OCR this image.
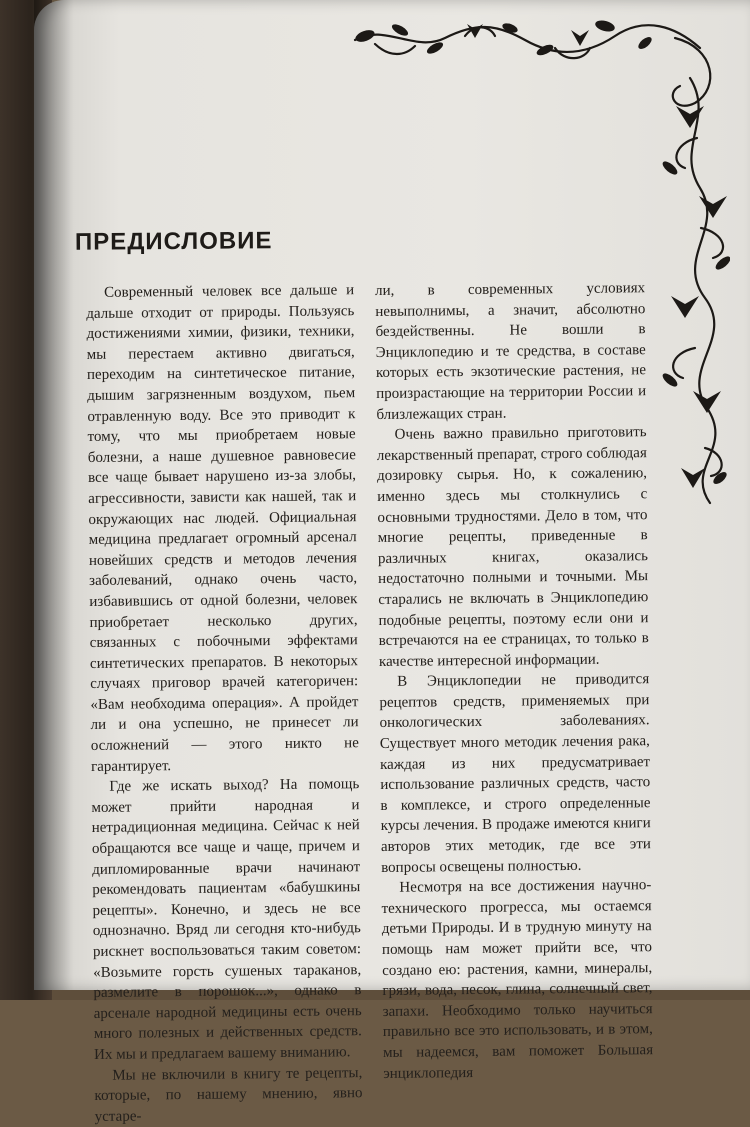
ПРЕДИСЛОВИЕ

Современный человек все дальше и дальше отходит от природы. Пользуясь достижениями химии, физики, техники, мы перестаем активно двигаться, переходим на синтетическое питание, дышим загрязненным воздухом, пьем отравленную воду. Все это приводит к тому, что мы приобретаем новые болезни, а наше душевное равновесие все чаще бывает нарушено из-за злобы, агрессивности, зависти как нашей, так и окружающих нас людей. Официальная медицина предлагает огромный арсенал новейших средств и методов лечения заболеваний, однако очень часто, избавившись от одной болезни, человек приобретает несколько других, связанных с побочными эффектами синтетических препаратов. В некоторых случаях приговор врачей категоричен: «Вам необходима операция». А пройдет ли и она успешно, не принесет ли осложнений — этого никто не гарантирует.

Где же искать выход? На помощь может прийти народная и нетрадиционная медицина. Сейчас к ней обращаются все чаще и чаще, причем и дипломированные врачи начинают рекомендовать пациентам «бабушкины рецепты». Конечно, и здесь не все однозначно. Вряд ли сегодня кто-нибудь рискнет воспользоваться таким советом: «Возьмите горсть сушеных тараканов, размелите в порошок...», однако в арсенале народной медицины есть очень много полезных и действенных средств. Их мы и предлагаем вашему вниманию.

Мы не включили в книгу те рецепты, которые, по нашему мнению, явно устаре-

ли, в современных условиях невыполнимы, а значит, абсолютно бездейственны. Не вошли в Энциклопедию и те средства, в составе которых есть экзотические растения, не произрастающие на территории России и близлежащих стран.

Очень важно правильно приготовить лекарственный препарат, строго соблюдая дозировку сырья. Но, к сожалению, именно здесь мы столкнулись с основными трудностями. Дело в том, что многие рецепты, приведенные в различных книгах, оказались недостаточно полными и точными. Мы старались не включать в Энциклопедию подобные рецепты, поэтому если они и встречаются на ее страницах, то только в качестве интересной информации.

В Энциклопедии не приводится рецептов средств, применяемых при онкологических заболеваниях. Существует много методик лечения рака, каждая из них предусматривает использование различных средств, часто в комплексе, и строго определенные курсы лечения. В продаже имеются книги авторов этих методик, где все эти вопросы освещены полностью.

Несмотря на все достижения научно-технического прогресса, мы остаемся детьми Природы. И в трудную минуту на помощь нам может прийти все, что создано ею: растения, камни, минералы, грязи, вода, песок, глина, солнечный свет, запахи. Необходимо только научиться правильно все это использовать, и в этом, мы надеемся, вам поможет Большая энциклопедия
